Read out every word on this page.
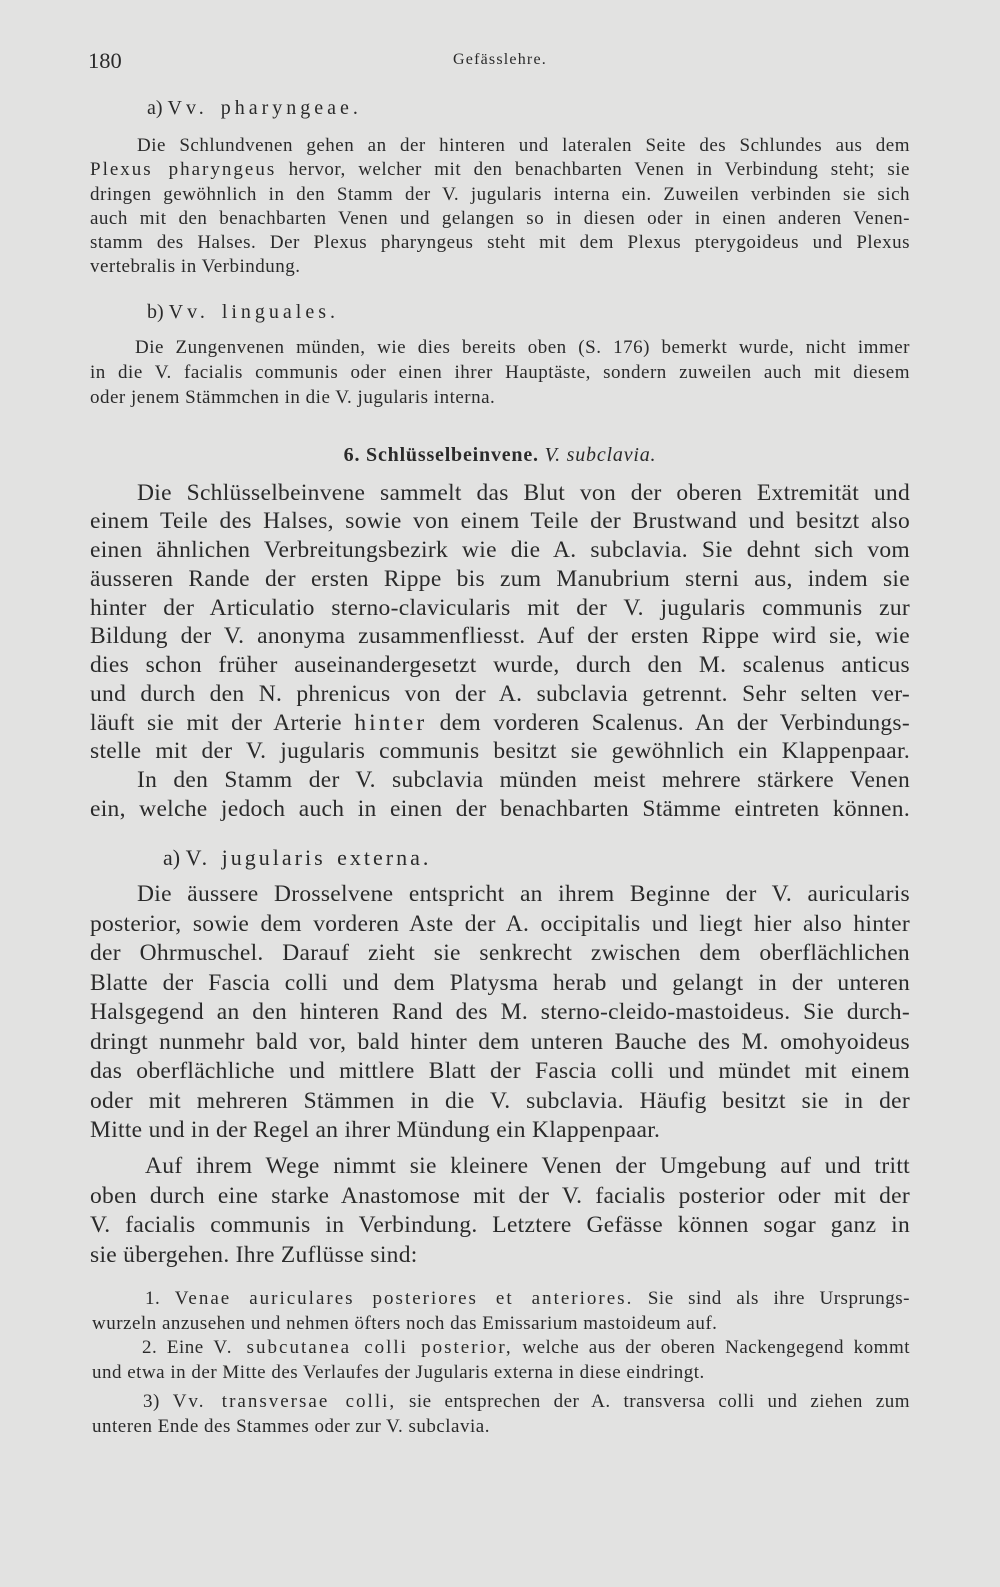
180	Gefässlehre.
a) Vv. pharyngeae.
Die Schlundvenen gehen an der hinteren und lateralen Seite des Schlundes aus dem
Plexus pharyngeus hervor, welcher mit den benachbarten Venen in Verbindung steht; sie
dringen gewöhnlich in den Stamm der V. jugularis interna ein. Zuweilen verbinden sie sich
auch mit den benachbarten Venen und gelangen so in diesen oder in einen anderen Venen-
stamm des Halses. Der Plexus pharyngeus steht mit dem Plexus pterygoideus und Plexus
vertebralis in Verbindung.
b) Vv. linguales.
Die Zungenvenen münden, wie dies bereits oben (S. 176) bemerkt wurde, nicht immer
in die V. facialis communis oder einen ihrer Hauptäste, sondern zuweilen auch mit diesem
oder jenem Stämmchen in die V. jugularis interna.
6. Schlüsselbeinvene. V. subclavia.
Die Schlüsselbeinvene sammelt das Blut von der oberen Extremität und
einem Teile des Halses, sowie von einem Teile der Brustwand und besitzt also
einen ähnlichen Verbreitungsbezirk wie die A. subclavia. Sie dehnt sich vom
äusseren Rande der ersten Rippe bis zum Manubrium sterni aus, indem sie
hinter der Articulatio sterno-clavicularis mit der V. jugularis communis zur
Bildung der V. anonyma zusammenfliesst. Auf der ersten Rippe wird sie, wie
dies schon früher auseinandergesetzt wurde, durch den M. scalenus anticus
und durch den N. phrenicus von der A. subclavia getrennt. Sehr selten ver-
läuft sie mit der Arterie hinter dem vorderen Scalenus. An der Verbindungs-
stelle mit der V. jugularis communis besitzt sie gewöhnlich ein Klappenpaar.
In den Stamm der V. subclavia münden meist mehrere stärkere Venen
ein, welche jedoch auch in einen der benachbarten Stämme eintreten können.
a) V. jugularis externa.
Die äussere Drosselvene entspricht an ihrem Beginne der V. auricularis
posterior, sowie dem vorderen Aste der A. occipitalis und liegt hier also hinter
der Ohrmuschel. Darauf zieht sie senkrecht zwischen dem oberflächlichen
Blatte der Fascia colli und dem Platysma herab und gelangt in der unteren
Halsgegend an den hinteren Rand des M. sterno-cleido-mastoideus. Sie durch-
dringt nunmehr bald vor, bald hinter dem unteren Bauche des M. omohyoideus
das oberflächliche und mittlere Blatt der Fascia colli und mündet mit einem
oder mit mehreren Stämmen in die V. subclavia. Häufig besitzt sie in der
Mitte und in der Regel an ihrer Mündung ein Klappenpaar.
Auf ihrem Wege nimmt sie kleinere Venen der Umgebung auf und tritt
oben durch eine starke Anastomose mit der V. facialis posterior oder mit der
V. facialis communis in Verbindung. Letztere Gefässe können sogar ganz in
sie übergehen. Ihre Zuflüsse sind:
1. Venae auriculares posteriores et anteriores. Sie sind als ihre Ursprungs-
wurzeln anzusehen und nehmen öfters noch das Emissarium mastoideum auf.
2. Eine V. subcutanea colli posterior, welche aus der oberen Nackengegend kommt
und etwa in der Mitte des Verlaufes der Jugularis externa in diese eindringt.
3) Vv. transversae colli, sie entsprechen der A. transversa colli und ziehen zum
unteren Ende des Stammes oder zur V. subclavia.
